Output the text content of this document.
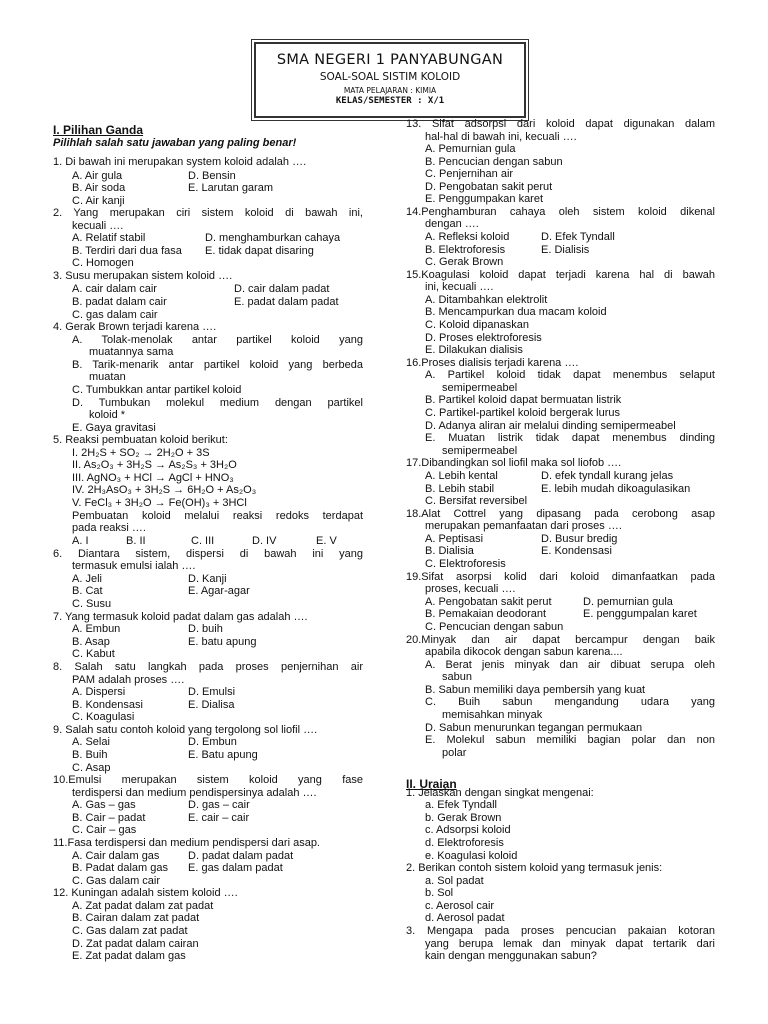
SMA NEGERI 1 PANYABUNGAN
SOAL-SOAL SISTIM KOLOID
MATA PELAJARAN : KIMIA
KELAS/SEMESTER : X/1
I. Pilihan Ganda
Pilihlah salah satu jawaban yang paling benar!
II. Uraian
1. Di bawah ini merupakan system koloid adalah ….
A. Air gula	D. Bensin
B. Air soda	E. Larutan garam
C. Air kanji
2. Yang merupakan ciri sistem koloid di bawah ini,
kecuali ….
A. Relatif stabil	D. menghamburkan cahaya
B. Terdiri dari dua fasa E. tidak dapat disaring
C. Homogen
3. Susu merupakan sistem koloid ….
A. cair dalam cair	D. cair dalam padat
B. padat dalam cair	E. padat dalam padat
C. gas dalam cair
4. Gerak Brown terjadi karena ….
A. Tolak-menolak antar partikel koloid yang
muatannya sama
B. Tarik-menarik antar partikel koloid yang berbeda
muatan
C. Tumbukkan antar partikel koloid
D. Tumbukan molekul medium dengan partikel
koloid *
E. Gaya gravitasi
5. Reaksi pembuatan koloid berikut:
I. 2H₂S + SO₂ → 2H₂O + 3S
II. As₂O₃ + 3H₂S → As₂S₃ + 3H₂O
III. AgNO₃ + HCl → AgCl + HNO₃
IV. 2H₃AsO₃ + 3H₂S → 6H₂O + As₂O₃
V. FeCl₃ + 3H₂O → Fe(OH)₃ + 3HCl
Pembuatan koloid melalui reaksi redoks terdapat
pada reaksi ….
A. I	B. II	C. III	D. IV	E. V
6. Diantara sistem, dispersi di bawah ini yang
termasuk emulsi ialah ….
A. Jeli	D. Kanji
B. Cat	E. Agar-agar
C. Susu
7. Yang termasuk koloid padat dalam gas adalah ….
A. Embun	D. buih
B. Asap	E. batu apung
C. Kabut
8. Salah satu langkah pada proses penjernihan air
PAM adalah proses ….
A. Dispersi	D. Emulsi
B. Kondensasi	E. Dialisa
C. Koagulasi
9. Salah satu contoh koloid yang tergolong sol liofil ….
A. Selai	D. Embun
B. Buih	E. Batu apung
C. Asap
10.Emulsi merupakan sistem koloid yang fase
terdispersi dan medium pendispersinya adalah ….
A. Gas – gas	D. gas – cair
B. Cair – padat	E. cair – cair
C. Cair – gas
11.Fasa terdispersi dan medium pendispersi dari asap.
A. Cair dalam gas	D. padat dalam padat
B. Padat dalam gas E. gas dalam padat
C. Gas dalam cair
12. Kuningan adalah sistem koloid ….
A. Zat padat dalam zat padat
B. Cairan dalam zat padat
C. Gas dalam zat padat
D. Zat padat dalam cairan
E. Zat padat dalam gas
13. Sifat adsorpsi dari koloid dapat digunakan dalam
hal-hal di bawah ini, kecuali ….
A. Pemurnian gula
B. Pencucian dengan sabun
C. Penjernihan air
D. Pengobatan sakit perut
E. Penggumpakan karet
14.Penghamburan cahaya oleh sistem koloid dikenal
dengan ….
A. Refleksi koloid	D. Efek Tyndall
B. Elektroforesis	E. Dialisis
C. Gerak Brown
15.Koagulasi koloid dapat terjadi karena hal di bawah
ini, kecuali ….
A. Ditambahkan elektrolit
B. Mencampurkan dua macam koloid
C. Koloid dipanaskan
D. Proses elektroforesis
E. Dilakukan dialisis
16.Proses dialisis terjadi karena ….
A. Partikel koloid tidak dapat menembus selaput
semipermeabel
B. Partikel koloid dapat bermuatan listrik
C. Partikel-partikel koloid bergerak lurus
D. Adanya aliran air melalui dinding semipermeabel
E. Muatan listrik tidak dapat menembus dinding
semipermeabel
17.Dibandingkan sol liofil maka sol liofob ….
A. Lebih kental	D. efek tyndall kurang jelas
B. Lebih stabil	E. lebih mudah dikoagulasikan
C. Bersifat reversibel
18.Alat Cottrel yang dipasang pada cerobong asap
merupakan pemanfaatan dari proses ….
A. Peptisasi	D. Busur bredig
B. Dialisia	E. Kondensasi
C. Elektroforesis
19.Sifat asorpsi kolid dari koloid dimanfaatkan pada
proses, kecuali ….
A. Pengobatan sakit perut	D. pemurnian gula
B. Pemakaian deodorant	E. penggumpalan karet
C. Pencucian dengan sabun
20.Minyak dan air dapat bercampur dengan baik
apabila dikocok dengan sabun karena....
A. Berat jenis minyak dan air dibuat serupa oleh
sabun
B. Sabun memiliki daya pembersih yang kuat
C. Buih sabun mengandung udara yang
memisahkan minyak
D. Sabun menurunkan tegangan permukaan
E. Molekul sabun memiliki bagian polar dan non
polar
1. Jelaskan dengan singkat mengenai:
a. Efek Tyndall
b. Gerak Brown
c. Adsorpsi koloid
d. Elektroforesis
e. Koagulasi koloid
2. Berikan contoh sistem koloid yang termasuk jenis:
a. Sol padat
b. Sol
c. Aerosol cair
d. Aerosol padat
3. Mengapa pada proses pencucian pakaian kotoran
yang berupa lemak dan minyak dapat tertarik dari
kain dengan menggunakan sabun?
